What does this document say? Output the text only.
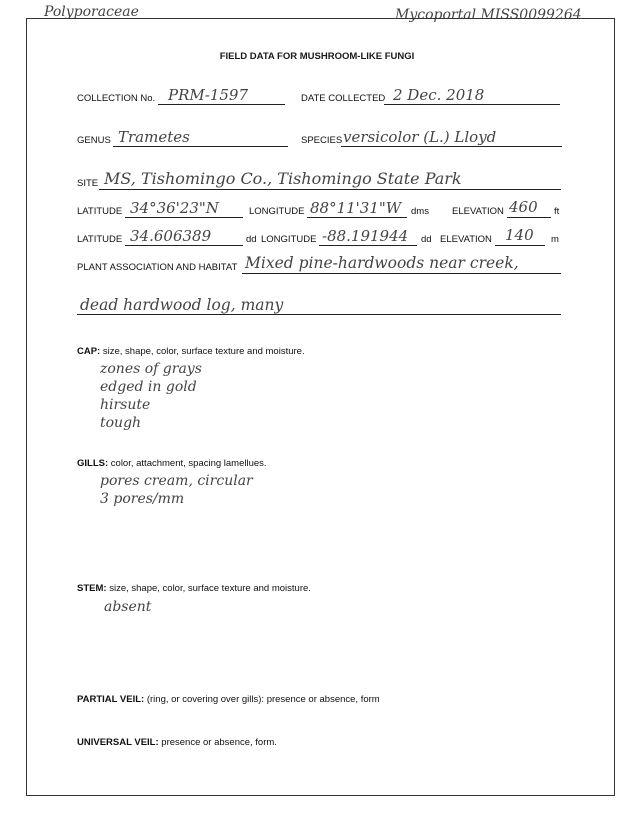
Polyporaceae	Mycoportal MISS0099264
FIELD DATA FOR MUSHROOM-LIKE FUNGI
COLLECTION No. PRM-1597	DATE COLLECTED 2 Dec. 2018
GENUS Trametes	SPECIES versicolor (L.) Lloyd
SITE MS, Tishomingo Co., Tishomingo State Park
LATITUDE 34°36'23"N	LONGITUDE 88°11'31"W dms ELEVATION 460 ft
LATITUDE 34.606389	dd LONGITUDE -88.191944 dd ELEVATION 140 m
PLANT ASSOCIATION AND HABITAT Mixed pine-hardwoods near creek,
dead hardwood log, many
CAP: size, shape, color, surface texture and moisture.
zones of grays
edged in gold
hirsute
tough
GILLS: color, attachment, spacing lamellues.
pores cream, circular
3 pores/mm
STEM: size, shape, color, surface texture and moisture.
absent
PARTIAL VEIL: (ring, or covering over gills): presence or absence, form
UNIVERSAL VEIL: presence or absence, form.
